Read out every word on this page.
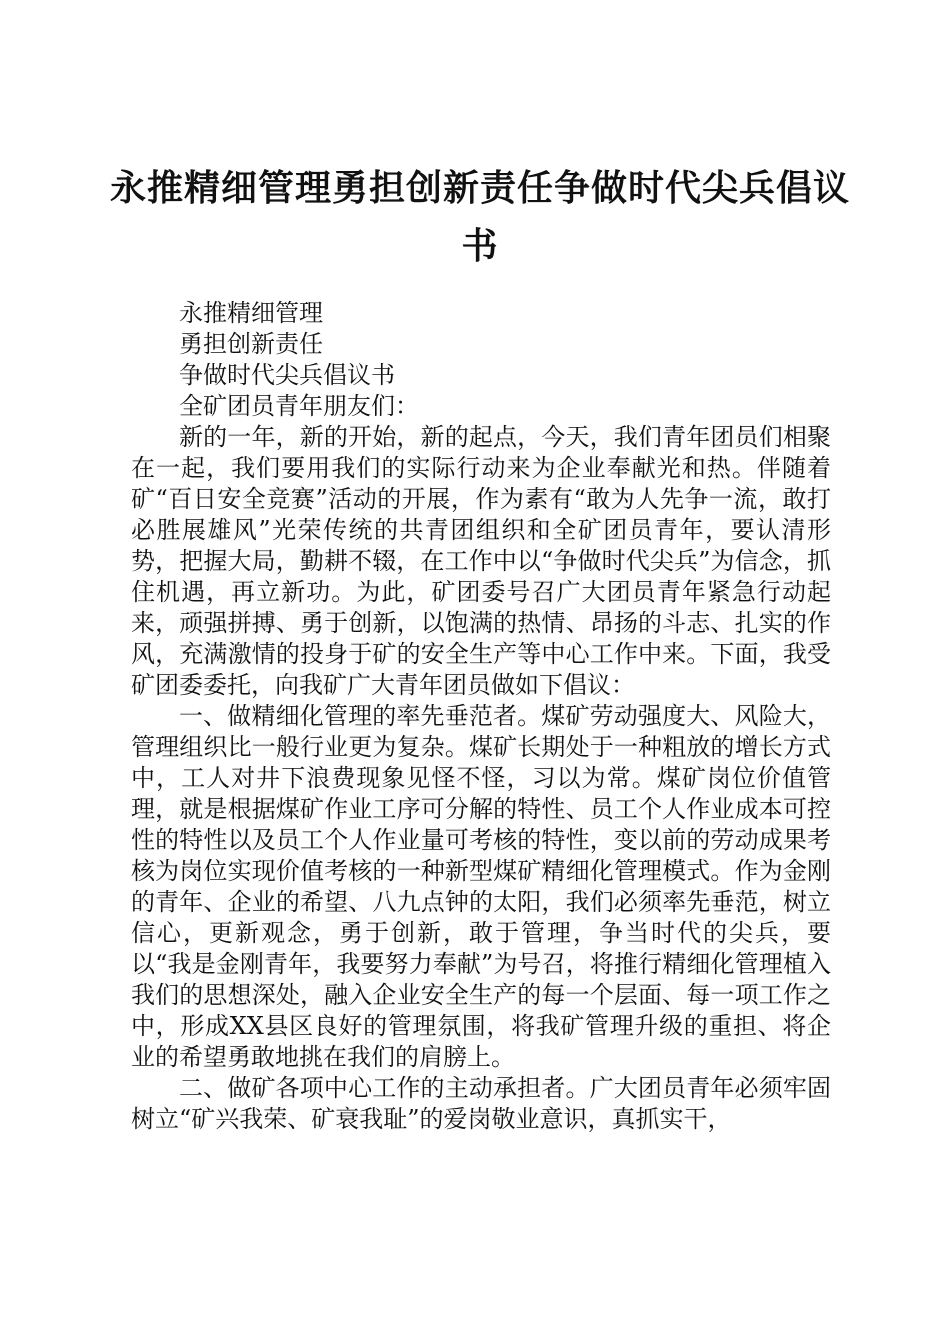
永推精细管理勇担创新责任争做时代尖兵倡议书

永推精细管理

勇担创新责任

争做时代尖兵倡议书

全矿团员青年朋友们：

新的一年，新的开始，新的起点，今天，我们青年团员们相聚在一起，我们要用我们的实际行动来为企业奉献光和热。伴随着矿“百日安全竞赛”活动的开展，作为素有“敢为人先争一流，敢打必胜展雄风”光荣传统的共青团组织和全矿团员青年，要认清形势，把握大局，勤耕不辍，在工作中以“争做时代尖兵”为信念，抓住机遇，再立新功。为此，矿团委号召广大团员青年紧急行动起来，顽强拼搏、勇于创新，以饱满的热情、昂扬的斗志、扎实的作风，充满激情的投身于矿的安全生产等中心工作中来。下面，我受矿团委委托，向我矿广大青年团员做如下倡议：

一、做精细化管理的率先垂范者。煤矿劳动强度大、风险大，管理组织比一般行业更为复杂。煤矿长期处于一种粗放的增长方式中，工人对井下浪费现象见怪不怪，习以为常。煤矿岗位价值管理，就是根据煤矿作业工序可分解的特性、员工个人作业成本可控性的特性以及员工个人作业量可考核的特性，变以前的劳动成果考核为岗位实现价值考核的一种新型煤矿精细化管理模式。作为金刚的青年、企业的希望、八九点钟的太阳，我们必须率先垂范，树立信心，更新观念，勇于创新，敢于管理，争当时代的尖兵，要以“我是金刚青年，我要努力奉献”为号召，将推行精细化管理植入我们的思想深处，融入企业安全生产的每一个层面、每一项工作之中，形成XX县区良好的管理氛围，将我矿管理升级的重担、将企业的希望勇敢地挑在我们的肩膀上。

二、做矿各项中心工作的主动承担者。广大团员青年必须牢固树立“矿兴我荣、矿衰我耻”的爱岗敬业意识，真抓实干，
